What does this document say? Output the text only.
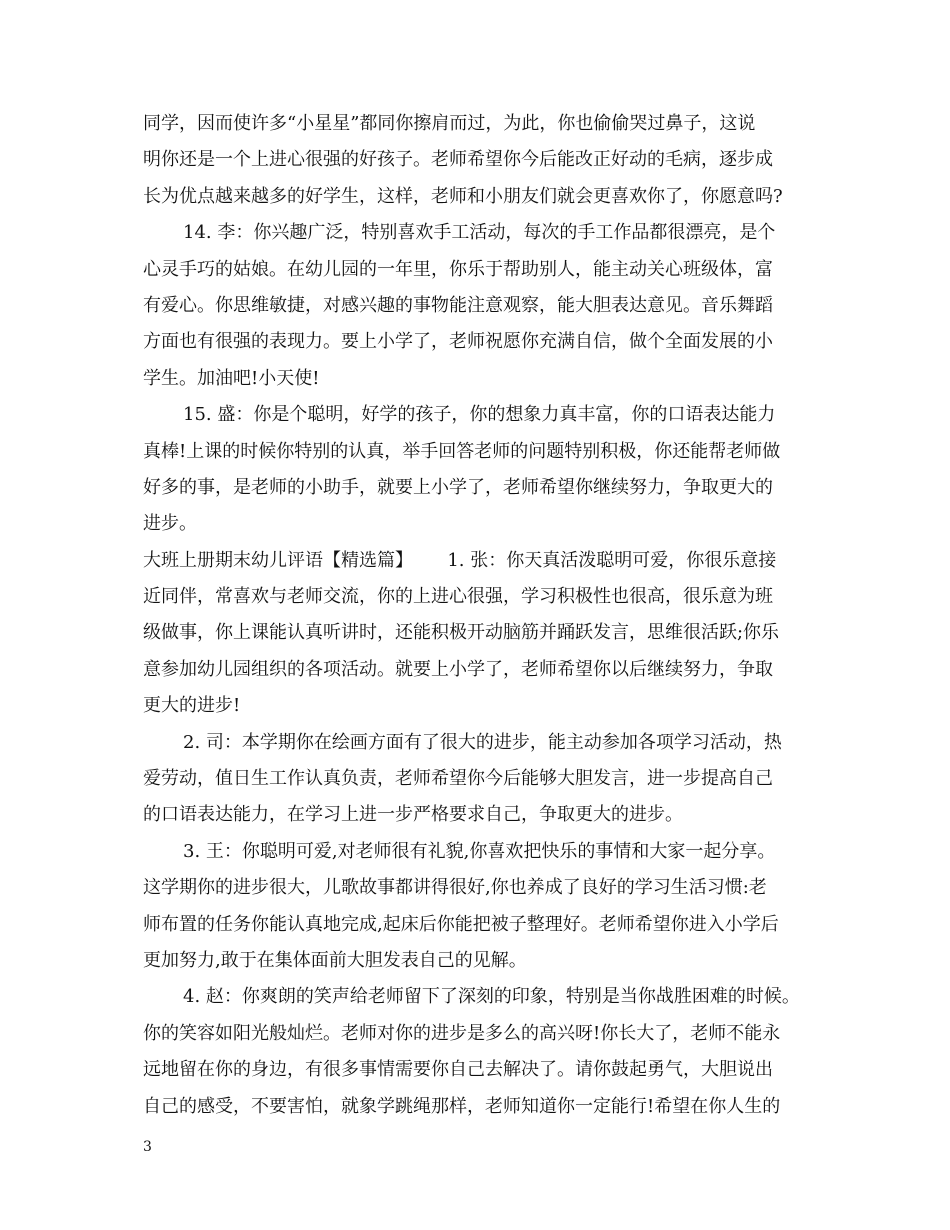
同学，因而使许多“小星星”都同你擦肩而过，为此，你也偷偷哭过鼻子，这说
明你还是一个上进心很强的好孩子。老师希望你今后能改正好动的毛病，逐步成
长为优点越来越多的好学生，这样，老师和小朋友们就会更喜欢你了，你愿意吗?
14. 李：你兴趣广泛，特别喜欢手工活动，每次的手工作品都很漂亮，是个
心灵手巧的姑娘。在幼儿园的一年里，你乐于帮助别人，能主动关心班级体，富
有爱心。你思维敏捷，对感兴趣的事物能注意观察，能大胆表达意见。音乐舞蹈
方面也有很强的表现力。要上小学了，老师祝愿你充满自信，做个全面发展的小
学生。加油吧!小天使!
15. 盛：你是个聪明，好学的孩子，你的想象力真丰富，你的口语表达能力
真棒!上课的时候你特别的认真，举手回答老师的问题特别积极，你还能帮老师做
好多的事，是老师的小助手，就要上小学了，老师希望你继续努力，争取更大的
进步。
大班上册期末幼儿评语【精选篇】      1. 张：你天真活泼聪明可爱，你很乐意接
近同伴，常喜欢与老师交流，你的上进心很强，学习积极性也很高，很乐意为班
级做事，你上课能认真听讲时，还能积极开动脑筋并踊跃发言，思维很活跃;你乐
意参加幼儿园组织的各项活动。就要上小学了，老师希望你以后继续努力，争取
更大的进步!
2. 司：本学期你在绘画方面有了很大的进步，能主动参加各项学习活动，热
爱劳动，值日生工作认真负责，老师希望你今后能够大胆发言，进一步提高自己
的口语表达能力，在学习上进一步严格要求自己，争取更大的进步。
3. 王：你聪明可爱,对老师很有礼貌,你喜欢把快乐的事情和大家一起分享。
这学期你的进步很大，儿歌故事都讲得很好,你也养成了良好的学习生活习惯:老
师布置的任务你能认真地完成,起床后你能把被子整理好。老师希望你进入小学后
更加努力,敢于在集体面前大胆发表自己的见解。
4. 赵：你爽朗的笑声给老师留下了深刻的印象，特别是当你战胜困难的时候。
你的笑容如阳光般灿烂。老师对你的进步是多么的高兴呀!你长大了，老师不能永
远地留在你的身边，有很多事情需要你自己去解决了。请你鼓起勇气，大胆说出
自己的感受，不要害怕，就象学跳绳那样，老师知道你一定能行!希望在你人生的
3
